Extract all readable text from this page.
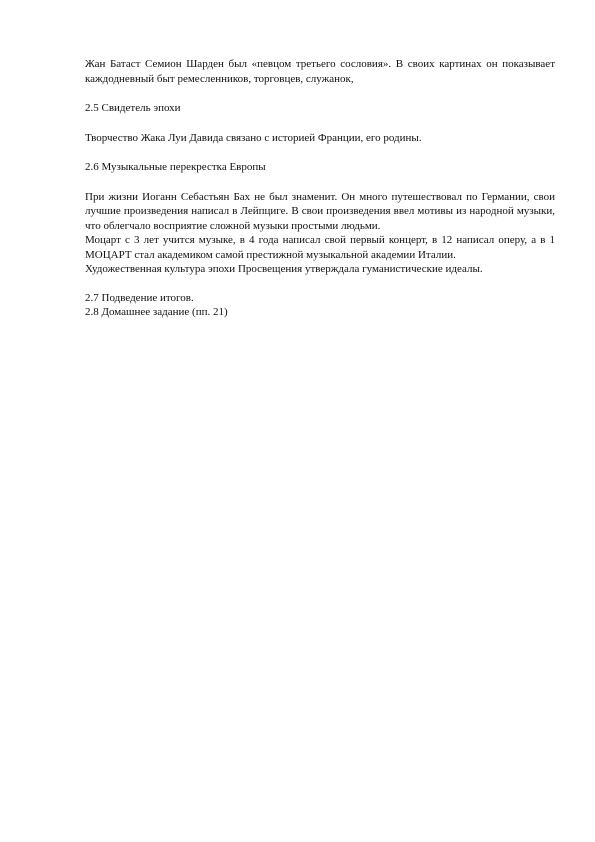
Жан Батаст Семион Шарден был «певцом третьего сословия». В своих картинах он показывает каждодневный быт ремесленников, торговцев, служанок,

2.5 Свидетель эпохи

Творчество Жака Луи Давида связано с историей Франции, его родины.

2.6 Музыкальные перекрестка Европы

При жизни Иоганн Себастьян Бах не был знаменит. Он много путешествовал по Германии, свои лучшие произведения написал в Лейпциге. В свои произведения ввел мотивы из народной музыки, что облегчало восприятие сложной музыки простыми людьми.

Моцарт с 3 лет учится музыке, в 4 года написал свой первый концерт, в 12 написал оперу, а в 1 МОЦАРТ стал академиком самой престижной музыкальной академии Италии.

Художественная культура эпохи Просвещения утверждала гуманистические идеалы.

2.7 Подведение итогов.

2.8 Домашнее задание (пп. 21)
